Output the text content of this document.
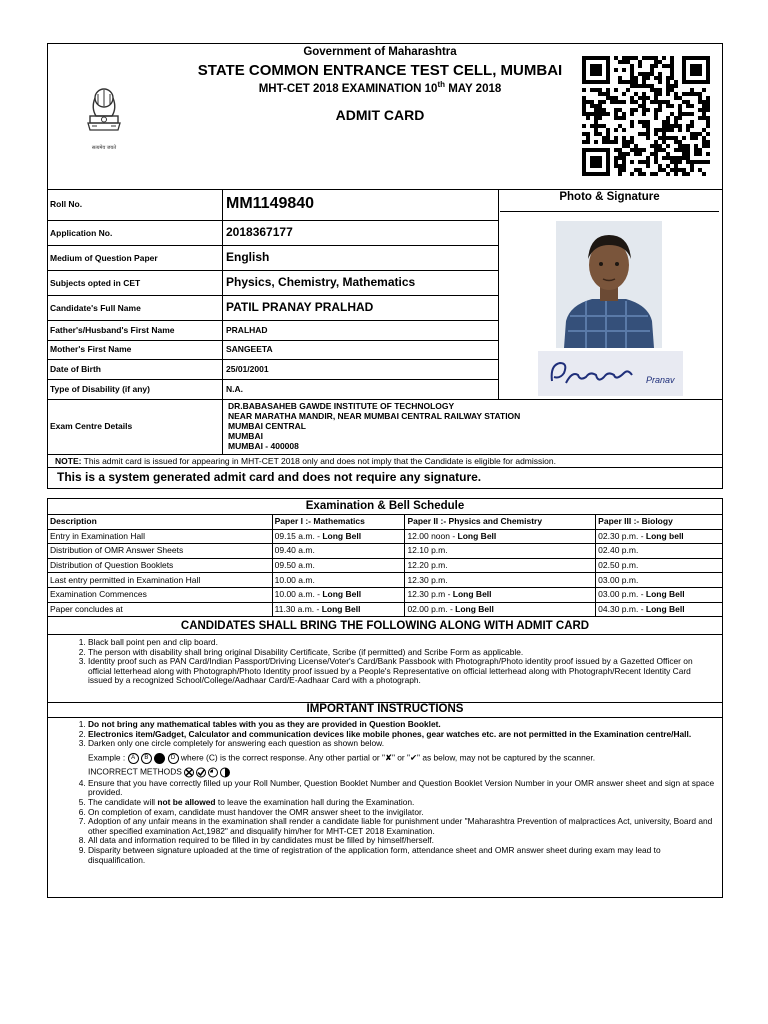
सत्यमेव जयते
Government of Maharashtra
STATE COMMON ENTRANCE TEST CELL, MUMBAI
MHT-CET 2018 EXAMINATION 10th MAY 2018
ADMIT CARD
Roll No.	MM1149840
Application No.	2018367177
Medium of Question Paper	English
Subjects opted in CET	Physics, Chemistry, Mathematics
Candidate's Full Name	PATIL PRANAY PRALHAD
Father's/Husband's First Name	PRALHAD
Mother's First Name	SANGEETA
Date of Birth	25/01/2001
Type of Disability (if any)	N.A.
Exam Centre Details
DR.BABASAHEB GAWDE INSTITUTE OF TECHNOLOGY
NEAR MARATHA MANDIR, NEAR MUMBAI CENTRAL RAILWAY STATION
MUMBAI CENTRAL
MUMBAI
MUMBAI - 400008
Photo & Signature
Pranav
NOTE: This admit card is issued for appearing in MHT-CET 2018 only and does not imply that the Candidate is eligible for admission.
This is a system generated admit card and does not require any signature.
Examination & Bell Schedule
Description	Paper I :- Mathematics	Paper II :- Physics and Chemistry	Paper III :- Biology
Entry in Examination Hall	09.15 a.m. - Long Bell	12.00 noon - Long Bell	02.30 p.m. - Long bell
Distribution of OMR Answer Sheets	09.40 a.m.	12.10 p.m.	02.40 p.m.
Distribution of Question Booklets	09.50 a.m.	12.20 p.m.	02.50 p.m.
Last entry permitted in Examination Hall	10.00 a.m.	12.30 p.m.	03.00 p.m.
Examination Commences	10.00 a.m. - Long Bell	12.30 p.m - Long Bell	03.00 p.m. - Long Bell
Paper concludes at	11.30 a.m. - Long Bell	02.00 p.m. - Long Bell	04.30 p.m. - Long Bell
CANDIDATES SHALL BRING THE FOLLOWING ALONG WITH ADMIT CARD
1. Black ball point pen and clip board.
2. The person with disability shall bring original Disability Certificate, Scribe (if permitted) and Scribe Form as applicable.
3. Identity proof such as PAN Card/Indian Passport/Driving License/Voter's Card/Bank Passbook with Photograph/Photo identity proof issued by a Gazetted Officer on official letterhead along with Photograph/Photo Identity proof issued by a People's Representative on official letterhead along with Photograph/Recent Identity Card issued by a recognized School/College/Aadhaar Card/E-Aadhaar Card with a photograph.
IMPORTANT INSTRUCTIONS
1. Do not bring any mathematical tables with you as they are provided in Question Booklet.
2. Electronics item/Gadget, Calculator and communication devices like mobile phones, gear watches etc. are not permitted in the Examination centre/Hall.
3. Darken only one circle completely for answering each question as shown below.
Example : A B	D where (C) is the correct response. Any other partial or "✘" or "✔" as below, may not be captured by the scanner.
INCORRECT METHODS
4. Ensure that you have correctly filled up your Roll Number, Question Booklet Number and Question Booklet Version Number in your OMR answer sheet and sign at space provided.
5. The candidate will not be allowed to leave the examination hall during the Examination.
6. On completion of exam, candidate must handover the OMR answer sheet to the invigilator.
7. Adoption of any unfair means in the examination shall render a candidate liable for punishment under "Maharashtra Prevention of malpractices Act, university, Board and other specified examination Act,1982" and disqualify him/her for MHT-CET 2018 Examination.
8. All data and information required to be filled in by candidates must be filled by himself/herself.
9. Disparity between signature uploaded at the time of registration of the application form, attendance sheet and OMR answer sheet during exam may lead to disqualification.
